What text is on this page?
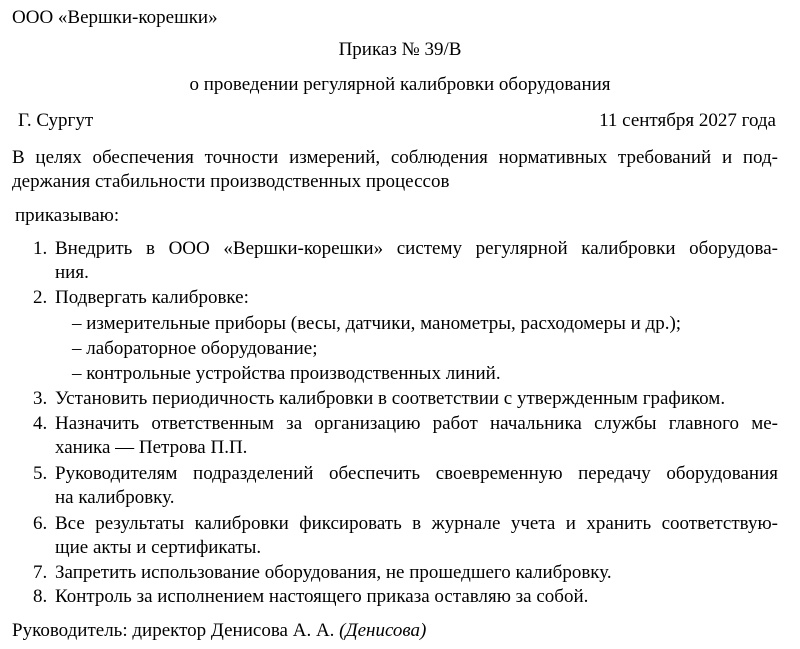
ООО «Вершки-корешки»
Приказ № 39/В
о проведении регулярной калибровки оборудования
Г. Сургут	11 сентября 2027 года
В целях обеспечения точности измерений, соблюдения нормативных требований и под-
держания стабильности производственных процессов
приказываю:
1. Внедрить в ООО «Вершки-корешки» систему регулярной калибровки оборудова-
ния.
2. Подвергать калибровке:
– измерительные приборы (весы, датчики, манометры, расходомеры и др.);
– лабораторное оборудование;
– контрольные устройства производственных линий.
3. Установить периодичность калибровки в соответствии с утвержденным графиком.
4. Назначить ответственным за организацию работ начальника службы главного ме-
ханика — Петрова П.П.
5. Руководителям подразделений обеспечить своевременную передачу оборудования
на калибровку.
6. Все результаты калибровки фиксировать в журнале учета и хранить соответствую-
щие акты и сертификаты.
7. Запретить использование оборудования, не прошедшего калибровку.
8. Контроль за исполнением настоящего приказа оставляю за собой.
Руководитель: директор Денисова А. А. (Денисова)
